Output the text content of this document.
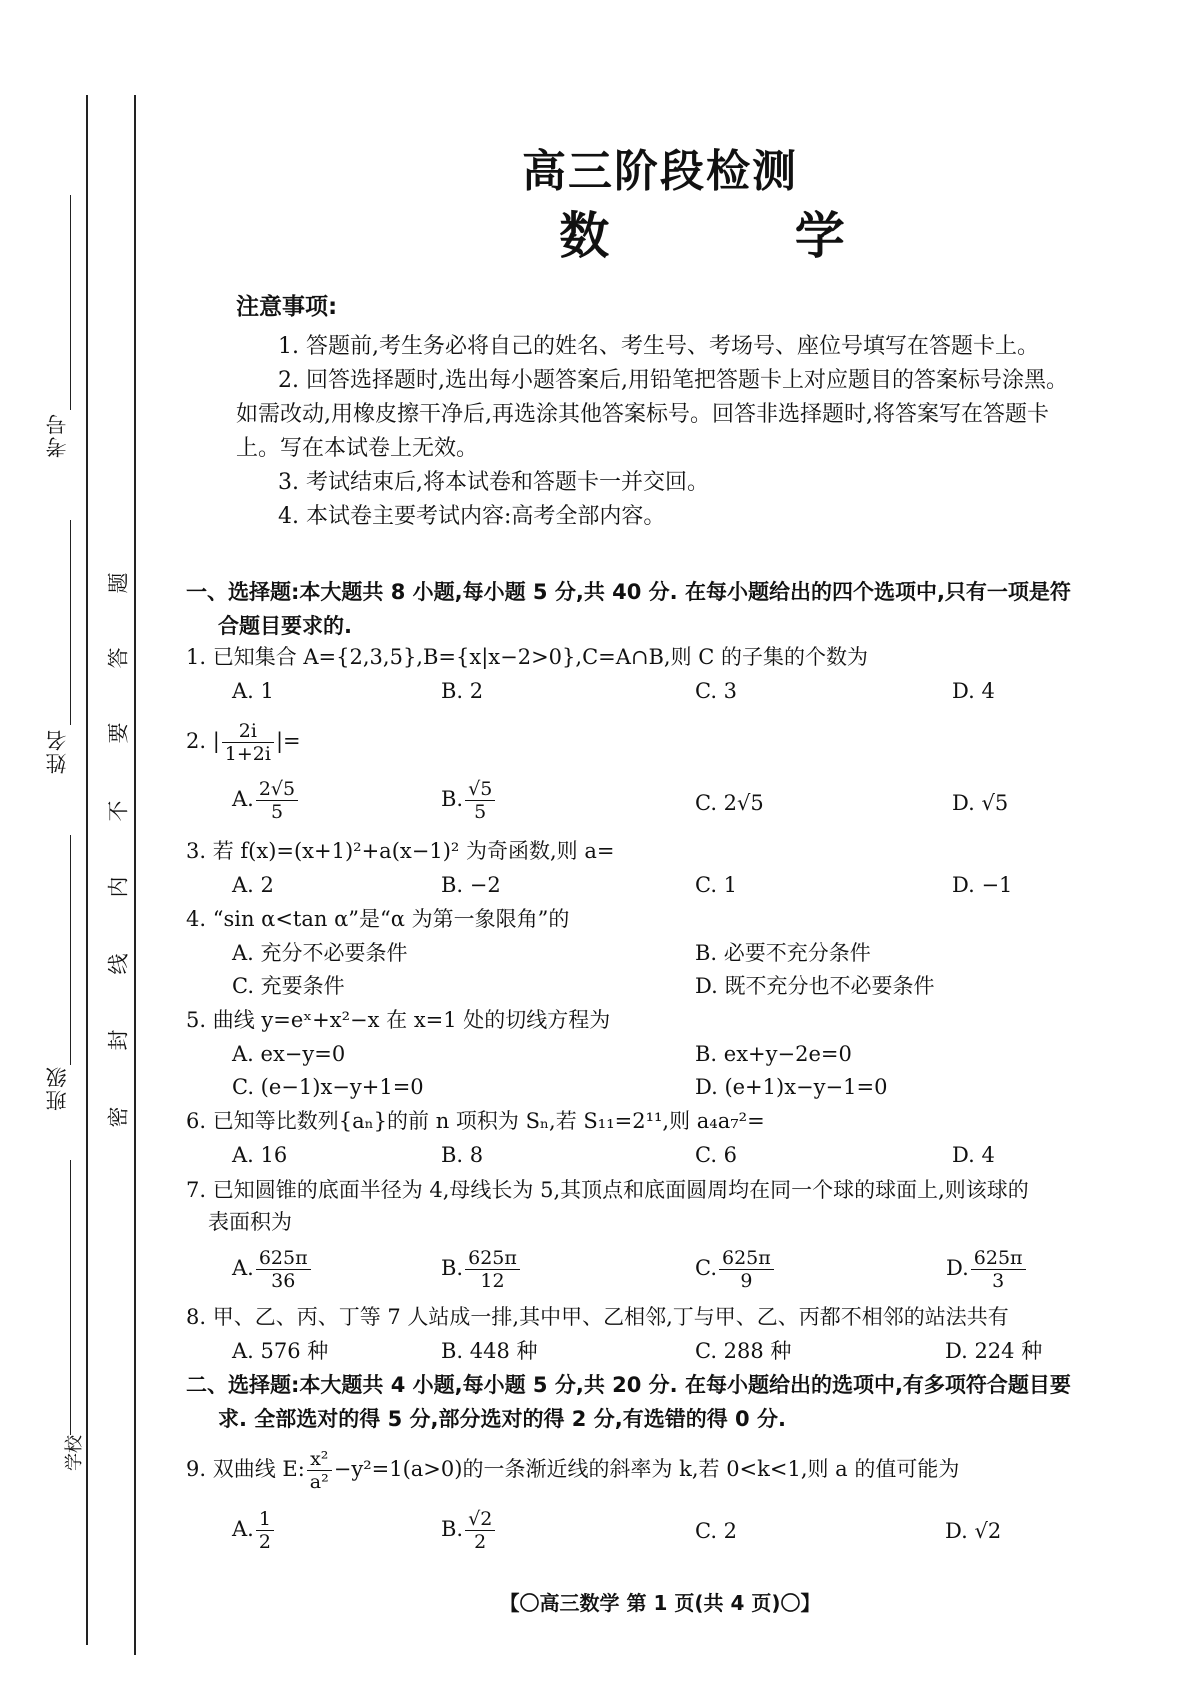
考号
姓名
班级
学校
题
答
要
不
内
线
封
密
高三阶段检测
数 学
注意事项:
1. 答题前,考生务必将自己的姓名、考生号、考场号、座位号填写在答题卡上。
2. 回答选择题时,选出每小题答案后,用铅笔把答题卡上对应题目的答案标号涂黑。如需改动,用橡皮擦干净后,再选涂其他答案标号。回答非选择题时,将答案写在答题卡上。写在本试卷上无效。
3. 考试结束后,将本试卷和答题卡一并交回。
4. 本试卷主要考试内容:高考全部内容。
一、选择题:本大题共 8 小题,每小题 5 分,共 40 分. 在每小题给出的四个选项中,只有一项是符
合题目要求的.
1. 已知集合 A={2,3,5},B={x|x−2>0},C=A∩B,则 C 的子集的个数为
A. 1	B. 2	C. 3	D. 4
2. | $\frac{2i}{1+2i}$ |=
A. $\frac{2√5}{5}$	B. $\frac{√5}{5}$	C. 2√5	D. √5
3. 若 f(x)=(x+1)²+a(x−1)² 为奇函数,则 a=
A. 2	B. −2	C. 1	D. −1
4. “sin α<tan α”是“α 为第一象限角”的
A. 充分不必要条件	B. 必要不充分条件
C. 充要条件	D. 既不充分也不必要条件
5. 曲线 y=eˣ+x²−x 在 x=1 处的切线方程为
A. ex−y=0	B. ex+y−2e=0
C. (e−1)x−y+1=0	D. (e+1)x−y−1=0
6. 已知等比数列{aₙ}的前 n 项积为 Sₙ,若 S₁₁=2¹¹,则 a₄a₇²=
A. 16	B. 8	C. 6	D. 4
7. 已知圆锥的底面半径为 4,母线长为 5,其顶点和底面圆周均在同一个球的球面上,则该球的
表面积为
A. $\frac{625\pi}{36}$	B. $\frac{625\pi}{12}$	C. $\frac{625\pi}{9}$	D. $\frac{625\pi}{3}$
8. 甲、乙、丙、丁等 7 人站成一排,其中甲、乙相邻,丁与甲、乙、丙都不相邻的站法共有
A. 576 种	B. 448 种	C. 288 种	D. 224 种
二、选择题:本大题共 4 小题,每小题 5 分,共 20 分. 在每小题给出的选项中,有多项符合题目要
求. 全部选对的得 5 分,部分选对的得 2 分,有选错的得 0 分.
9. 双曲线 E: $\frac{\text{x²}}{\text{a²}} -y^2=1(a>0)$的一条渐近线的斜率为 k,若 0<k<1,则 a 的值可能为
A. $\frac{1}{2}$	B. $\frac{√2}{2}$	C. 2	D. √2
【〇高三数学 第 1 页(共 4 页)〇】
